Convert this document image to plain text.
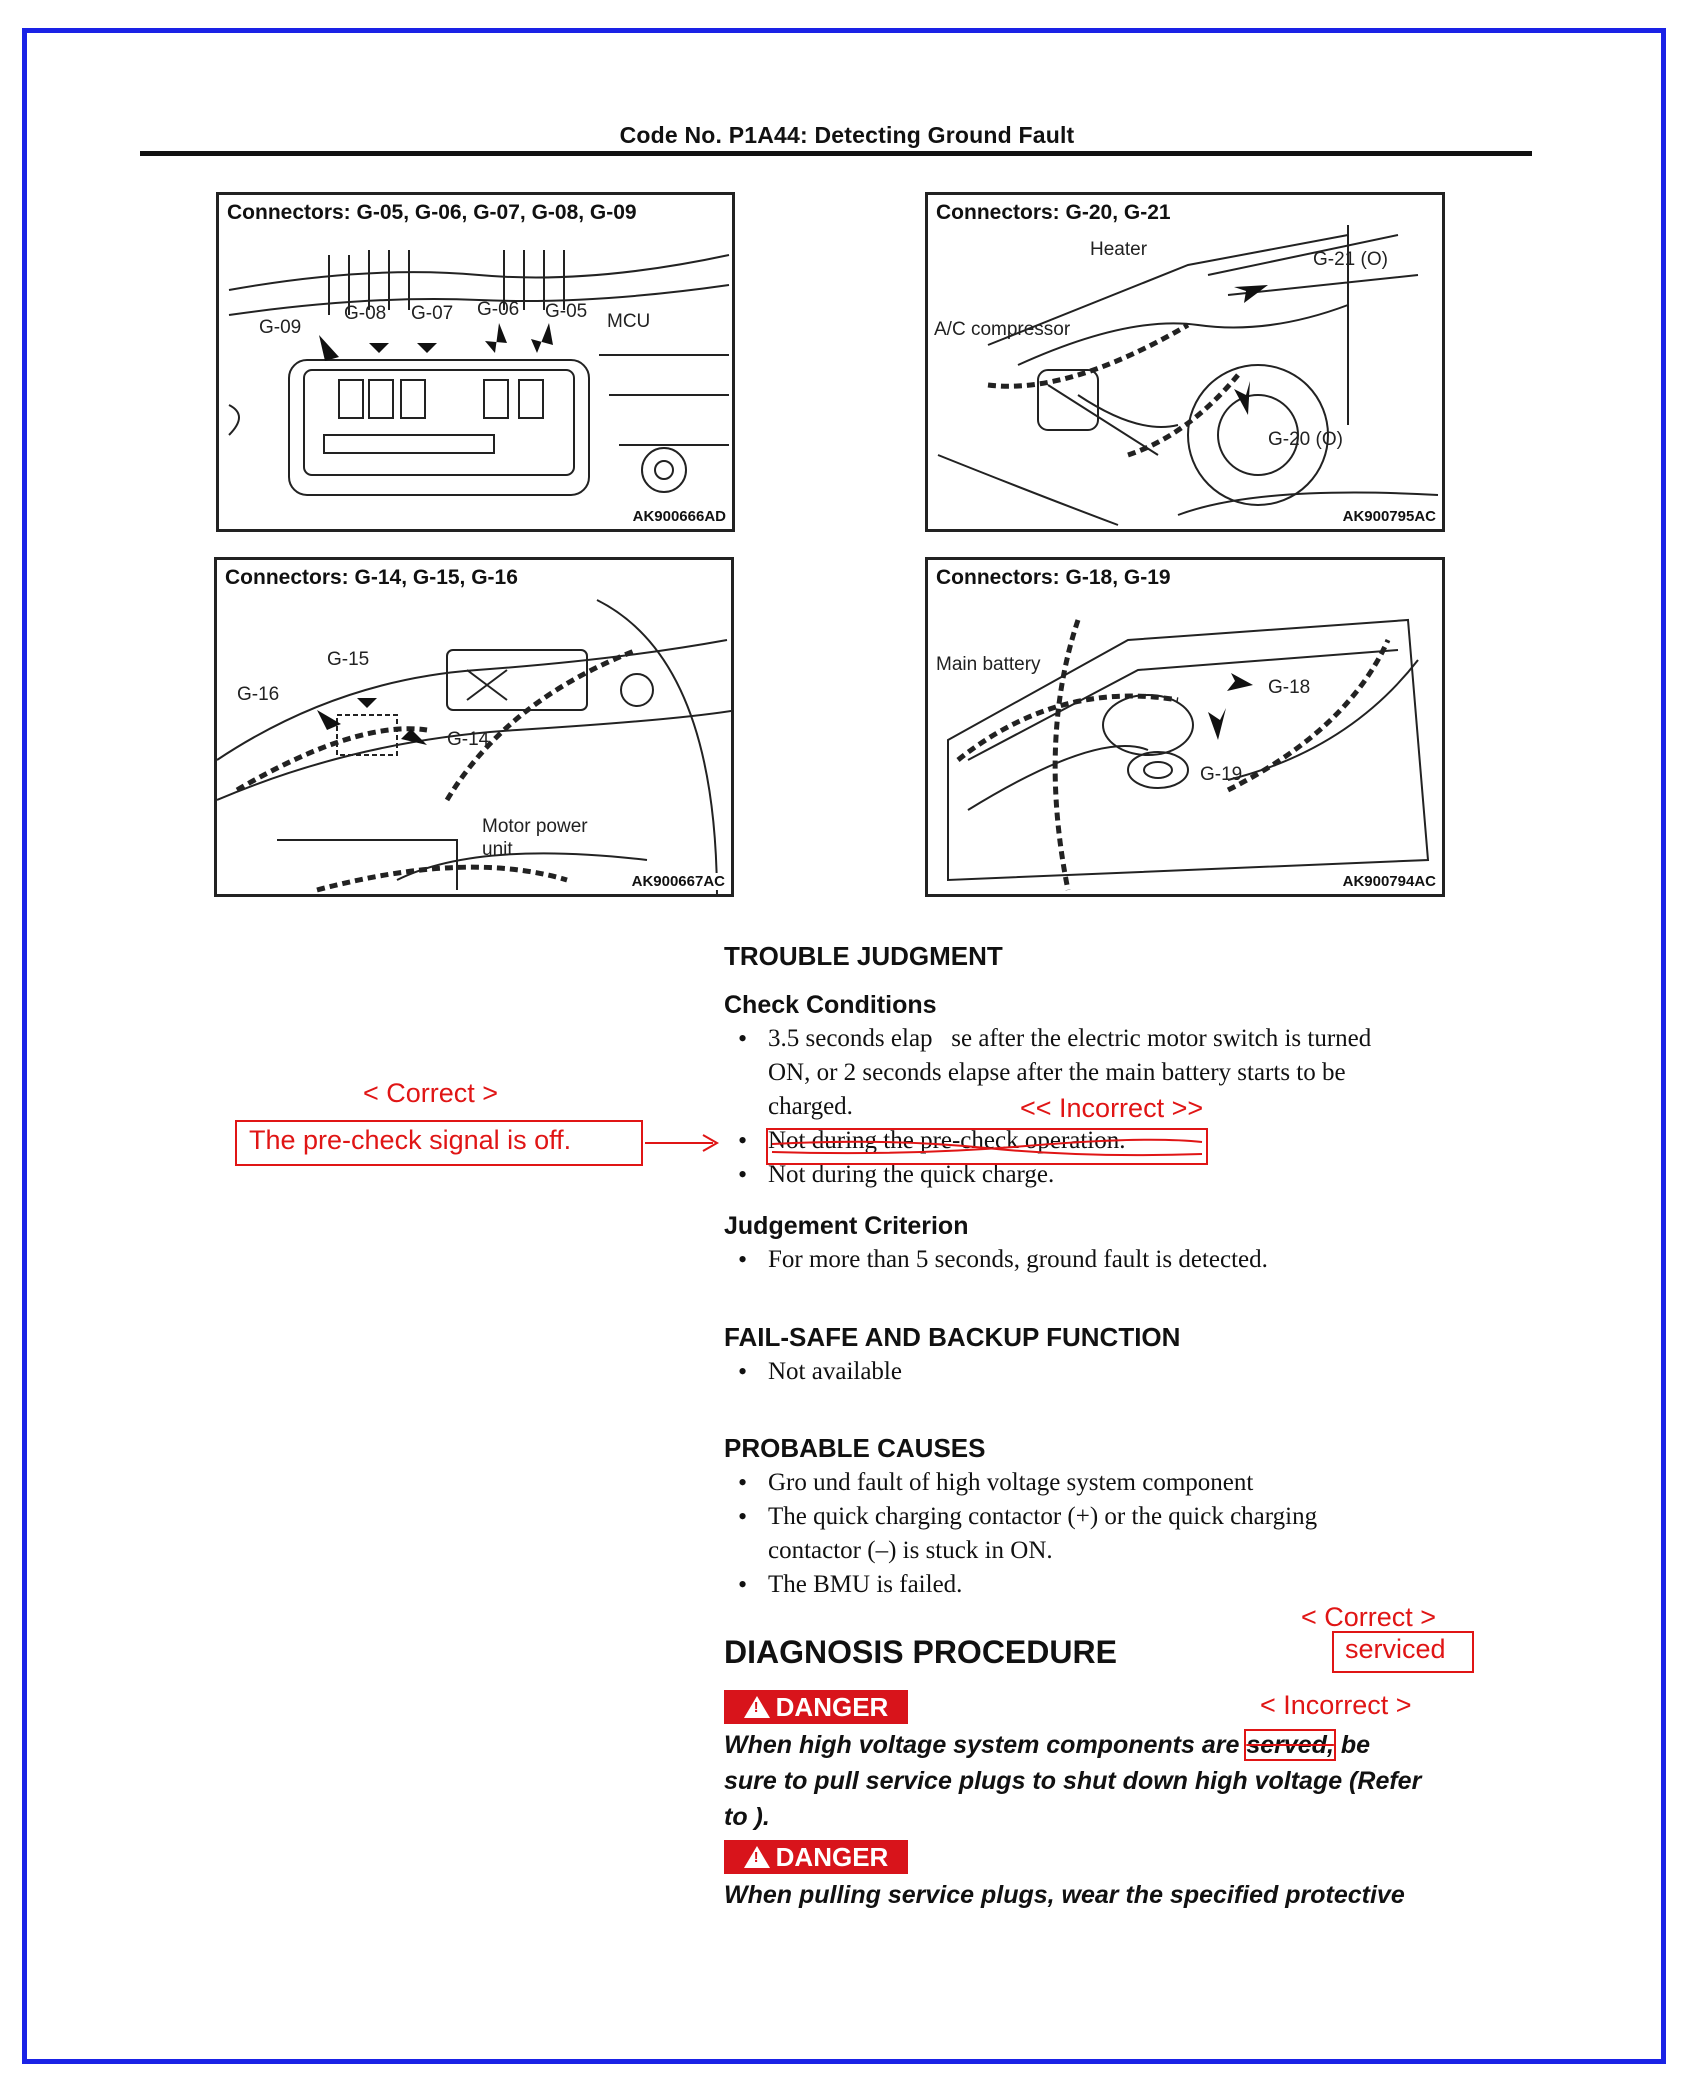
Code No. P1A44: Detecting Ground Fault
Connectors: G-05, G-06, G-07, G-08, G-09
G-09
G-08 G-07 G-06 G-05 MCU
AK900666AD
Connectors: G-20, G-21
Heater	G-21 (O)
A/C compressor
G-20 (O)
AK900795AC
Connectors: G-14, G-15, G-16
G-15
G-16
G-14
Motor power
unit
AK900667AC
Connectors: G-18, G-19
Main battery
G-18
G-19
AK900794AC
TROUBLE JUDGMENT
Check Conditions
• 3.5 seconds elap   se after the electric motor switch is turned
ON, or 2 seconds elapse after the main battery starts to be
charged.
• Not during the pre-check operation.
• Not during the quick charge.
Judgement Criterion
• For more than 5 seconds, ground fault is detected.
FAIL-SAFE AND BACKUP FUNCTION
• Not available
PROBABLE CAUSES
• Gro und fault of high voltage system component
• The quick charging contactor (+) or the quick charging
contactor (–) is stuck in ON.
• The BMU is failed.
DIAGNOSIS PROCEDURE
!
DANGER
When high voltage system components are served, be
sure to pull service plugs to shut down high voltage (Refer
to ).
!
DANGER
When pulling service plugs, wear the specified protective
< Correct >
The pre-check signal is off.
<< Incorrect >>
< Correct >
serviced
< Incorrect >
